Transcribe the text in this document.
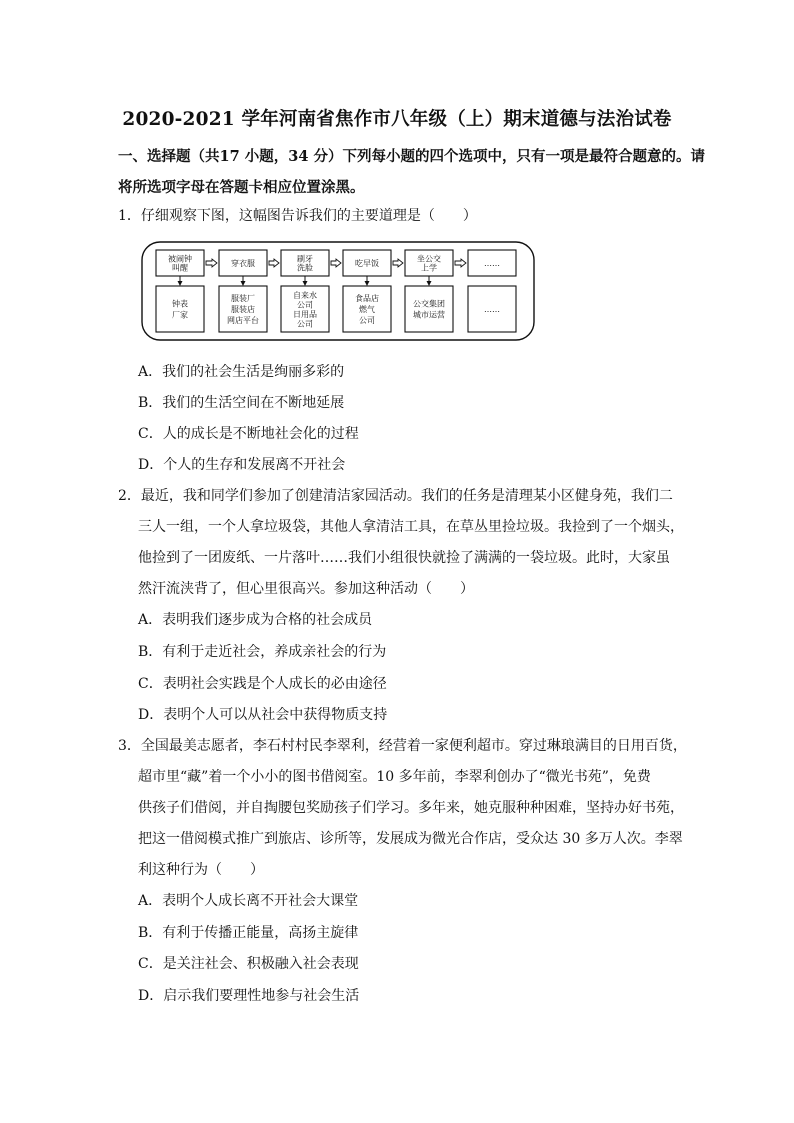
2020-2021 学年河南省焦作市八年级（上）期末道德与法治试卷
一、选择题（共17 小题，34 分）下列每小题的四个选项中，只有一项是最符合题意的。请
将所选项字母在答题卡相应位置涂黑。
1．仔细观察下图，这幅图告诉我们的主要道理是（　　）
被闹钟
叫醒	穿衣服	刷牙
洗脸	吃早饭	坐公交
上学	……
钟表
厂家
服装厂
服装店
网店平台
自来水
公司
日用品
公司
食品店
燃气
公司
公交集团
城市运营
……
A．我们的社会生活是绚丽多彩的
B．我们的生活空间在不断地延展
C．人的成长是不断地社会化的过程
D．个人的生存和发展离不开社会
2．最近，我和同学们参加了创建清洁家园活动。我们的任务是清理某小区健身苑，我们二
三人一组，一个人拿垃圾袋，其他人拿清洁工具，在草丛里捡垃圾。我捡到了一个烟头，
他捡到了一团废纸、一片落叶……我们小组很快就捡了满满的一袋垃圾。此时，大家虽
然汗流浃背了，但心里很高兴。参加这种活动（　　）
A．表明我们逐步成为合格的社会成员
B．有利于走近社会，养成亲社会的行为
C．表明社会实践是个人成长的必由途径
D．表明个人可以从社会中获得物质支持
3．全国最美志愿者，李石村村民李翠利，经营着一家便利超市。穿过琳琅满目的日用百货，
超市里“藏”着一个小小的图书借阅室。10 多年前，李翠利创办了“微光书苑”，免费
供孩子们借阅，并自掏腰包奖励孩子们学习。多年来，她克服种种困难，坚持办好书苑，
把这一借阅模式推广到旅店、诊所等，发展成为微光合作店，受众达 30 多万人次。李翠
利这种行为（　　）
A．表明个人成长离不开社会大课堂
B．有利于传播正能量，高扬主旋律
C．是关注社会、积极融入社会表现
D．启示我们要理性地参与社会生活
